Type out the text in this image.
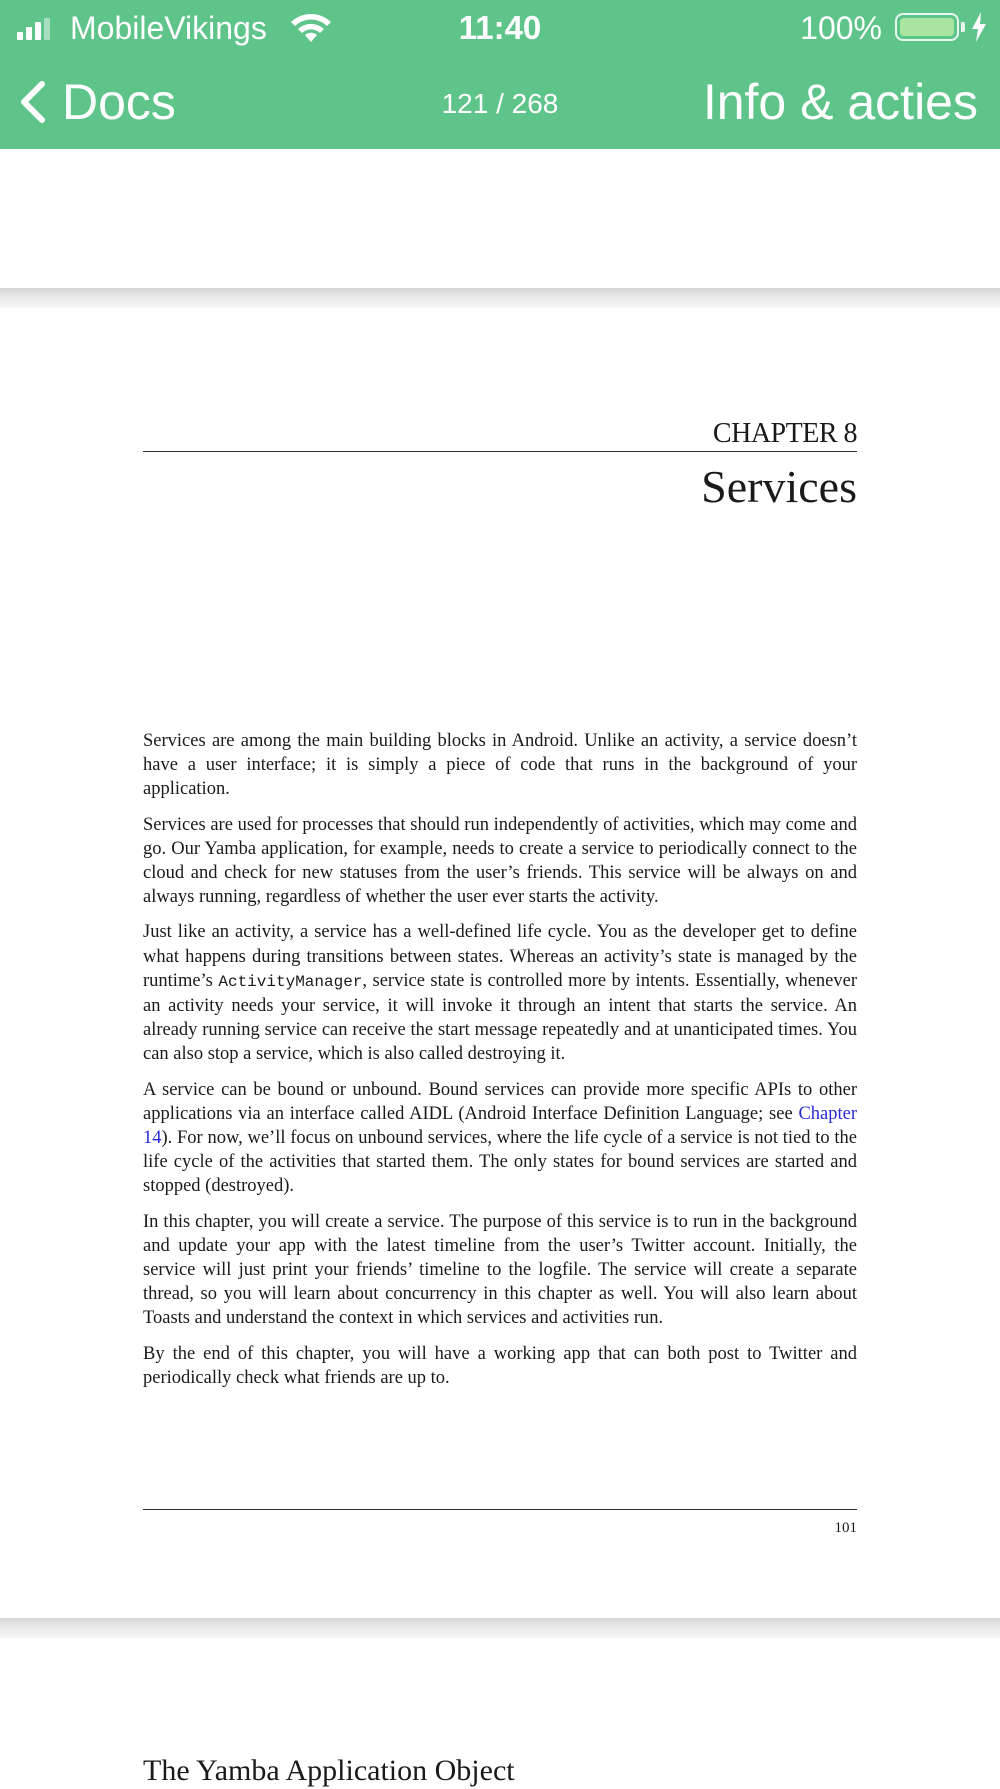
MobileVikings	11:40	100%
Docs	121 / 268	Info & acties
CHAPTER 8
Services

Services are among the main building blocks in Android. Unlike an activity, a service doesn’t have a user interface; it is simply a piece of code that runs in the background of your application.

Services are used for processes that should run independently of activities, which may come and go. Our Yamba application, for example, needs to create a service to periodically connect to the cloud and check for new statuses from the user’s friends. This service will be always on and always running, regardless of whether the user ever starts the activity.

Just like an activity, a service has a well-defined life cycle. You as the developer get to define what happens during transitions between states. Whereas an activity’s state is managed by the runtime’s ActivityManager, service state is controlled more by intents. Essentially, whenever an activity needs your service, it will invoke it through an intent that starts the service. An already running service can receive the start message repeatedly and at unanticipated times. You can also stop a service, which is also called destroying it.

A service can be bound or unbound. Bound services can provide more specific APIs to other applications via an interface called AIDL (Android Interface Definition Language; see Chapter 14). For now, we’ll focus on unbound services, where the life cycle of a service is not tied to the life cycle of the activities that started them. The only states for bound services are started and stopped (destroyed).

In this chapter, you will create a service. The purpose of this service is to run in the background and update your app with the latest timeline from the user’s Twitter account. Initially, the service will just print your friends’ timeline to the logfile. The service will create a separate thread, so you will learn about concurrency in this chapter as well. You will also learn about Toasts and understand the context in which services and activities run.

By the end of this chapter, you will have a working app that can both post to Twitter and periodically check what friends are up to.

101
The Yamba Application Object
